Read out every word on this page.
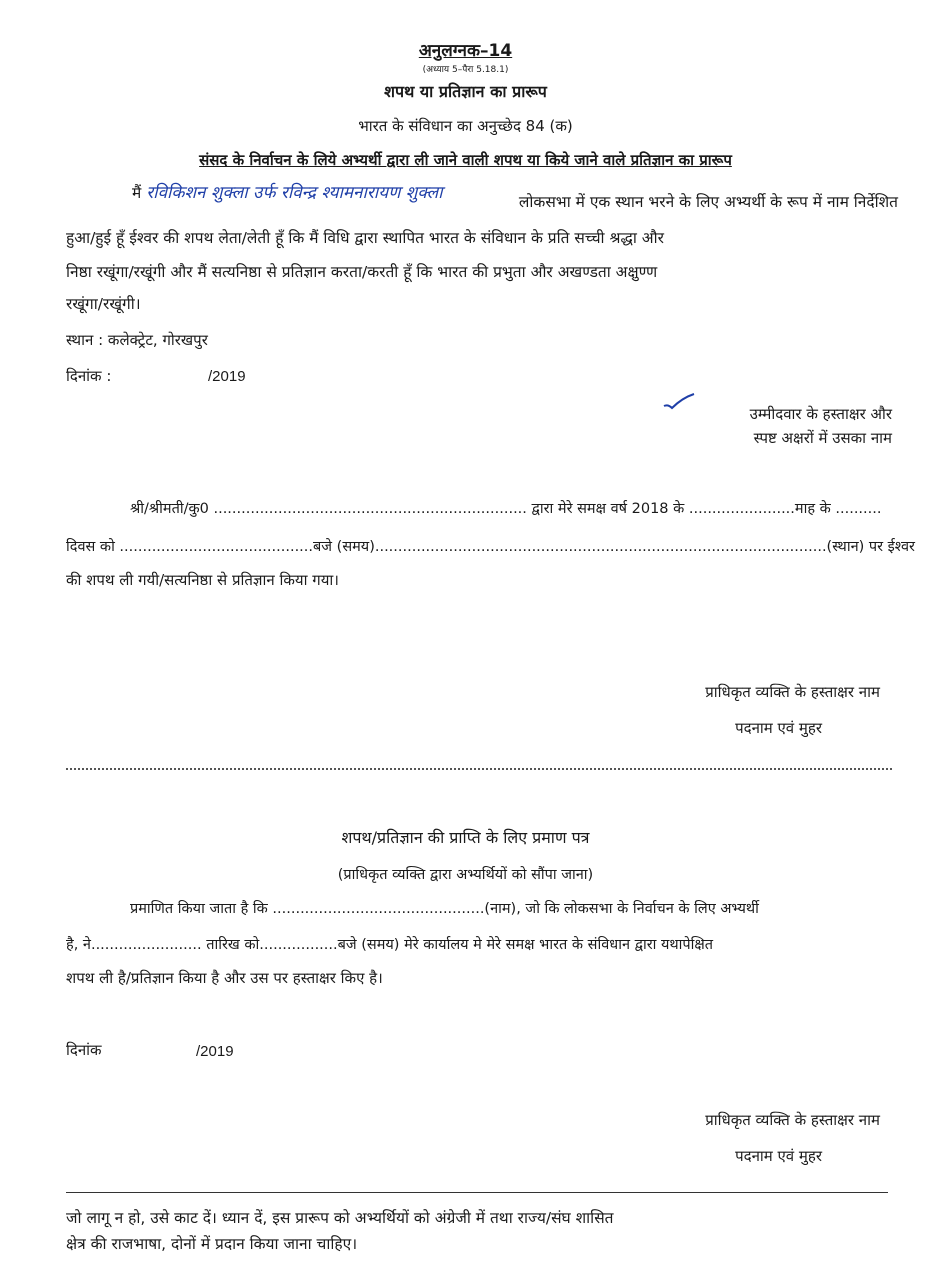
अनुलग्नक–14
(अध्याय 5–पैरा 5.18.1)
शपथ या प्रतिज्ञान का प्रारूप
भारत के संविधान का अनुच्छेद 84 (क)
संसद के निर्वाचन के लिये अभ्यर्थी द्वारा ली जाने वाली शपथ या किये जाने वाले प्रतिज्ञान का प्रारूप
मैं रविकिशन शुक्ला उर्फ रविन्द्र श्यामनारायण शुक्ला	लोकसभा में एक स्थान भरने के लिए अभ्यर्थी के रूप में नाम निर्देशित
हुआ/हुई हूँ ईश्वर की शपथ लेता/लेती हूँ कि मैं विधि द्वारा स्थापित भारत के संविधान के प्रति सच्ची श्रद्धा और
निष्ठा रखूंगा/रखूंगी और मैं सत्यनिष्ठा से प्रतिज्ञान करता/करती हूँ कि भारत की प्रभुता और अखण्डता अक्षुण्ण
रखूंगा/रखूंगी।
स्थान : कलेक्ट्रेट, गोरखपुर
दिनांक :	/2019
उम्मीदवार के हस्ताक्षर और
स्पष्ट अक्षरों में उसका नाम
श्री/श्रीमती/कु0 .................................................................... द्वारा मेरे समक्ष वर्ष 2018 के .......................माह के ..........
दिवस को ..........................................बजे (समय)..................................................................................................(स्थान) पर ईश्वर
की शपथ ली गयी/सत्यनिष्ठा से प्रतिज्ञान किया गया।
प्राधिकृत व्यक्ति के हस्ताक्षर नाम
पदनाम एवं मुहर
शपथ/प्रतिज्ञान की प्राप्ति के लिए प्रमाण पत्र
(प्राधिकृत व्यक्ति द्वारा अभ्यर्थियों को सौंपा जाना)
प्रमाणित किया जाता है कि ..............................................(नाम), जो कि लोकसभा के निर्वाचन के लिए अभ्यर्थी
है, ने........................ तारिख को.................बजे (समय) मेरे कार्यालय मे मेरे समक्ष भारत के संविधान द्वारा यथापेक्षित
शपथ ली है/प्रतिज्ञान किया है और उस पर हस्ताक्षर किए है।
दिनांक	/2019
प्राधिकृत व्यक्ति के हस्ताक्षर नाम
पदनाम एवं मुहर
जो लागू न हो, उसे काट दें। ध्यान दें, इस प्रारूप को अभ्यर्थियों को अंग्रेजी में तथा राज्य/संघ शासित
क्षेत्र की राजभाषा, दोनों में प्रदान किया जाना चाहिए।
